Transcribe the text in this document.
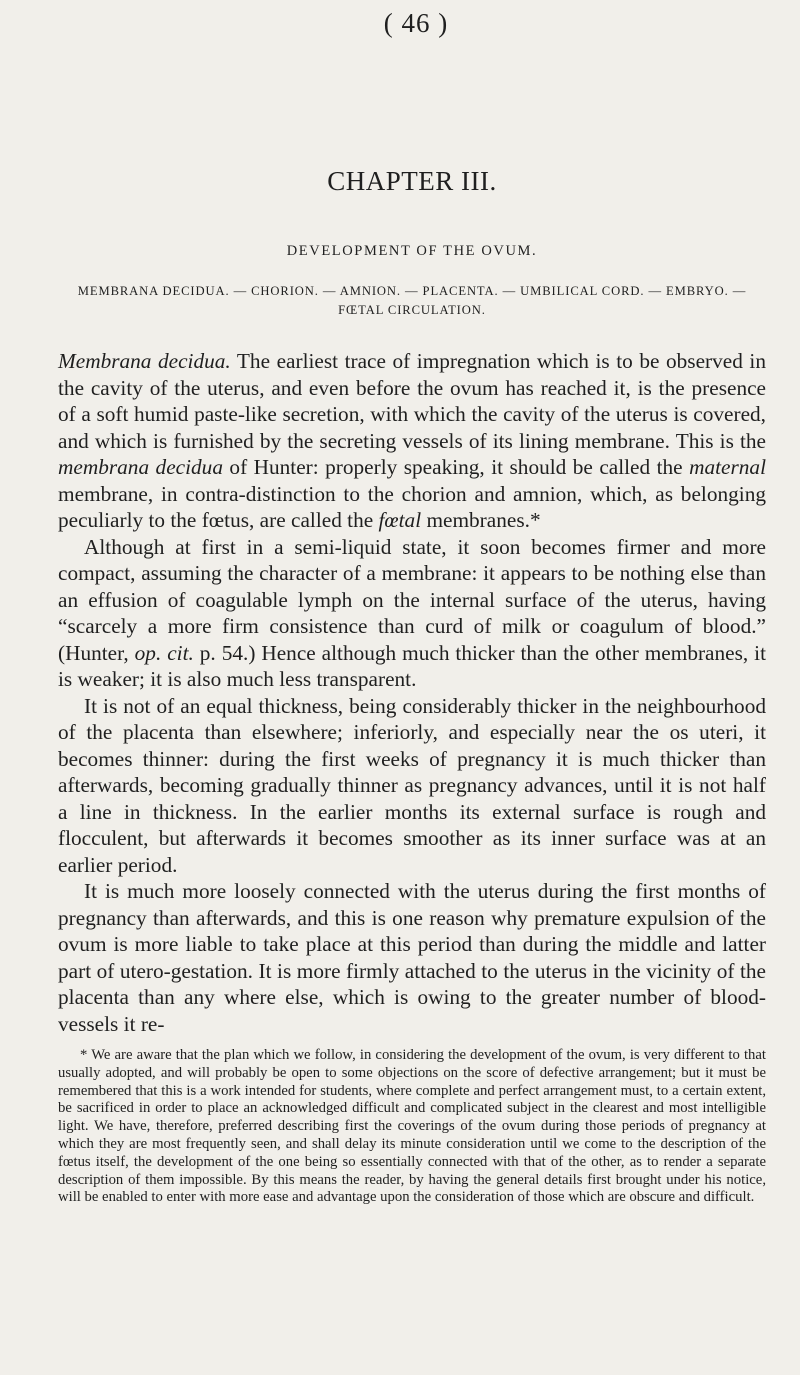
( 46 )
CHAPTER III.
DEVELOPMENT OF THE OVUM.
MEMBRANA DECIDUA. — CHORION. — AMNION. — PLACENTA. — UMBILICAL CORD. — EMBRYO. — FŒTAL CIRCULATION.

Membrana decidua. The earliest trace of impregnation which is to be observed in the cavity of the uterus, and even before the ovum has reached it, is the presence of a soft humid paste-like secretion, with which the cavity of the uterus is covered, and which is furnished by the secreting vessels of its lining membrane. This is the membrana decidua of Hunter: properly speaking, it should be called the maternal membrane, in contra-distinction to the chorion and amnion, which, as belonging peculiarly to the fœtus, are called the fœtal membranes.*

Although at first in a semi-liquid state, it soon becomes firmer and more compact, assuming the character of a membrane: it appears to be nothing else than an effusion of coagulable lymph on the internal surface of the uterus, having “scarcely a more firm consistence than curd of milk or coagulum of blood.” (Hunter, op. cit. p. 54.) Hence although much thicker than the other membranes, it is weaker; it is also much less transparent.

It is not of an equal thickness, being considerably thicker in the neighbourhood of the placenta than elsewhere; inferiorly, and especially near the os uteri, it becomes thinner: during the first weeks of pregnancy it is much thicker than afterwards, becoming gradually thinner as pregnancy advances, until it is not half a line in thickness. In the earlier months its external surface is rough and flocculent, but afterwards it becomes smoother as its inner surface was at an earlier period.

It is much more loosely connected with the uterus during the first months of pregnancy than afterwards, and this is one reason why premature expulsion of the ovum is more liable to take place at this period than during the middle and latter part of utero-gestation. It is more firmly attached to the uterus in the vicinity of the placenta than any where else, which is owing to the greater number of blood-vessels it re-

* We are aware that the plan which we follow, in considering the development of the ovum, is very different to that usually adopted, and will probably be open to some objections on the score of defective arrangement; but it must be remembered that this is a work intended for students, where complete and perfect arrangement must, to a certain extent, be sacrificed in order to place an acknowledged difficult and complicated subject in the clearest and most intelligible light. We have, therefore, preferred describing first the coverings of the ovum during those periods of pregnancy at which they are most frequently seen, and shall delay its minute consideration until we come to the description of the fœtus itself, the development of the one being so essentially connected with that of the other, as to render a separate description of them impossible. By this means the reader, by having the general details first brought under his notice, will be enabled to enter with more ease and advantage upon the consideration of those which are obscure and difficult.
